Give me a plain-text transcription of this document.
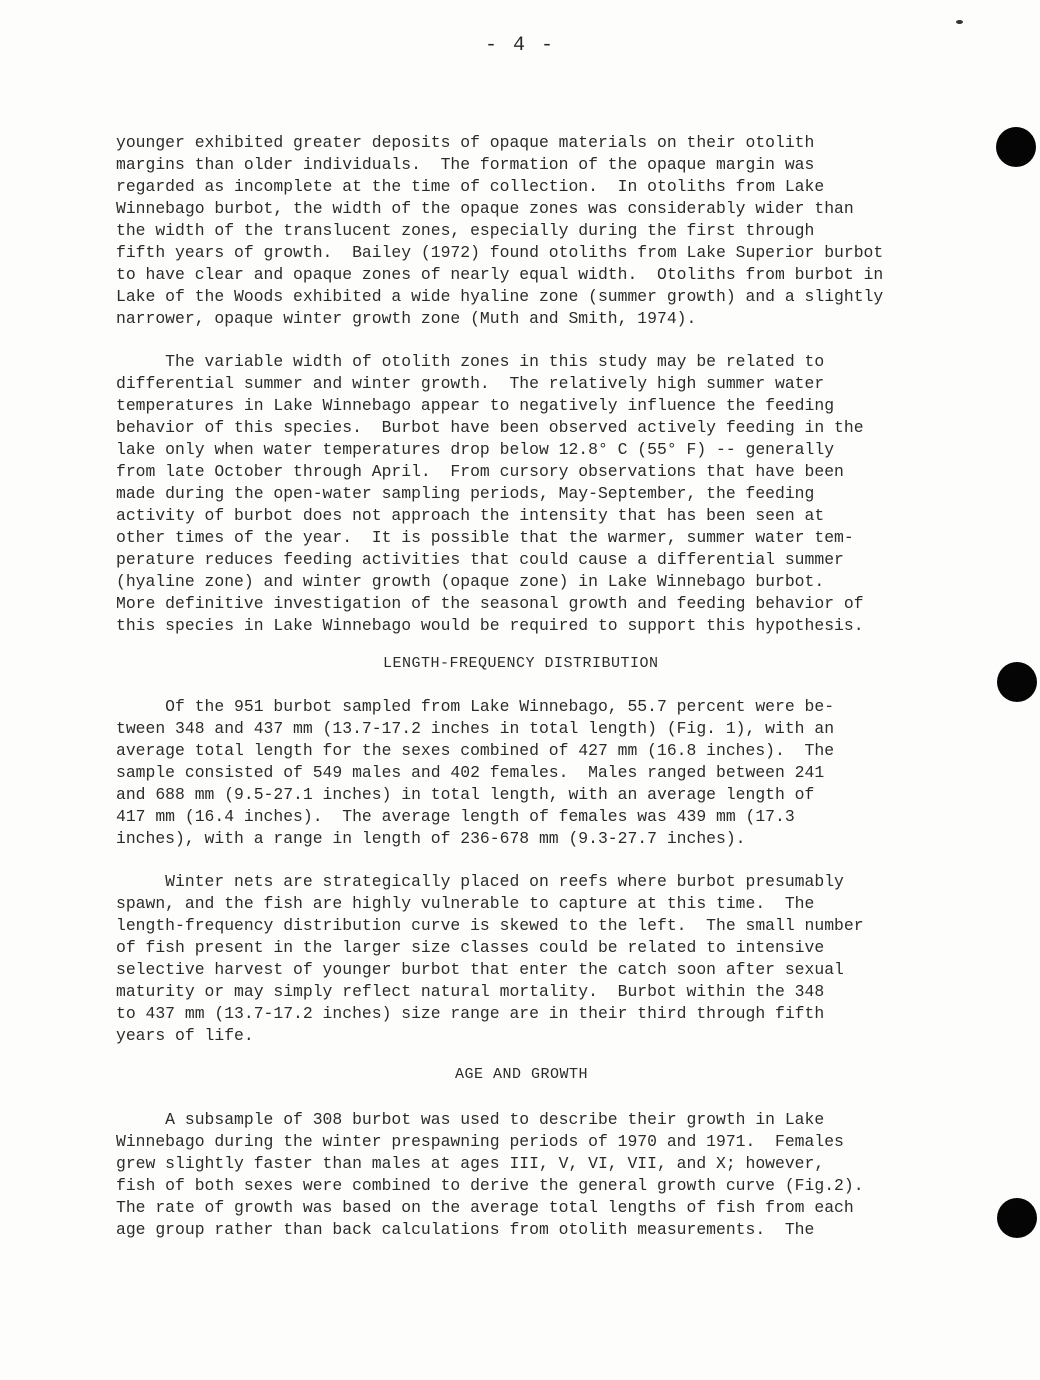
- 4 -
younger exhibited greater deposits of opaque materials on their otolith
margins than older individuals.  The formation of the opaque margin was
regarded as incomplete at the time of collection.  In otoliths from Lake
Winnebago burbot, the width of the opaque zones was considerably wider than
the width of the translucent zones, especially during the first through
fifth years of growth.  Bailey (1972) found otoliths from Lake Superior burbot
to have clear and opaque zones of nearly equal width.  Otoliths from burbot in
Lake of the Woods exhibited a wide hyaline zone (summer growth) and a slightly
narrower, opaque winter growth zone (Muth and Smith, 1974).
The variable width of otolith zones in this study may be related to
differential summer and winter growth.  The relatively high summer water
temperatures in Lake Winnebago appear to negatively influence the feeding
behavior of this species.  Burbot have been observed actively feeding in the
lake only when water temperatures drop below 12.8° C (55° F) -- generally
from late October through April.  From cursory observations that have been
made during the open-water sampling periods, May-September, the feeding
activity of burbot does not approach the intensity that has been seen at
other times of the year.  It is possible that the warmer, summer water tem-
perature reduces feeding activities that could cause a differential summer
(hyaline zone) and winter growth (opaque zone) in Lake Winnebago burbot.
More definitive investigation of the seasonal growth and feeding behavior of
this species in Lake Winnebago would be required to support this hypothesis.
LENGTH-FREQUENCY DISTRIBUTION
Of the 951 burbot sampled from Lake Winnebago, 55.7 percent were be-
tween 348 and 437 mm (13.7-17.2 inches in total length) (Fig. 1), with an
average total length for the sexes combined of 427 mm (16.8 inches).  The
sample consisted of 549 males and 402 females.  Males ranged between 241
and 688 mm (9.5-27.1 inches) in total length, with an average length of
417 mm (16.4 inches).  The average length of females was 439 mm (17.3
inches), with a range in length of 236-678 mm (9.3-27.7 inches).
Winter nets are strategically placed on reefs where burbot presumably
spawn, and the fish are highly vulnerable to capture at this time.  The
length-frequency distribution curve is skewed to the left.  The small number
of fish present in the larger size classes could be related to intensive
selective harvest of younger burbot that enter the catch soon after sexual
maturity or may simply reflect natural mortality.  Burbot within the 348
to 437 mm (13.7-17.2 inches) size range are in their third through fifth
years of life.
AGE AND GROWTH
A subsample of 308 burbot was used to describe their growth in Lake
Winnebago during the winter prespawning periods of 1970 and 1971.  Females
grew slightly faster than males at ages III, V, VI, VII, and X; however,
fish of both sexes were combined to derive the general growth curve (Fig.2).
The rate of growth was based on the average total lengths of fish from each
age group rather than back calculations from otolith measurements.  The
